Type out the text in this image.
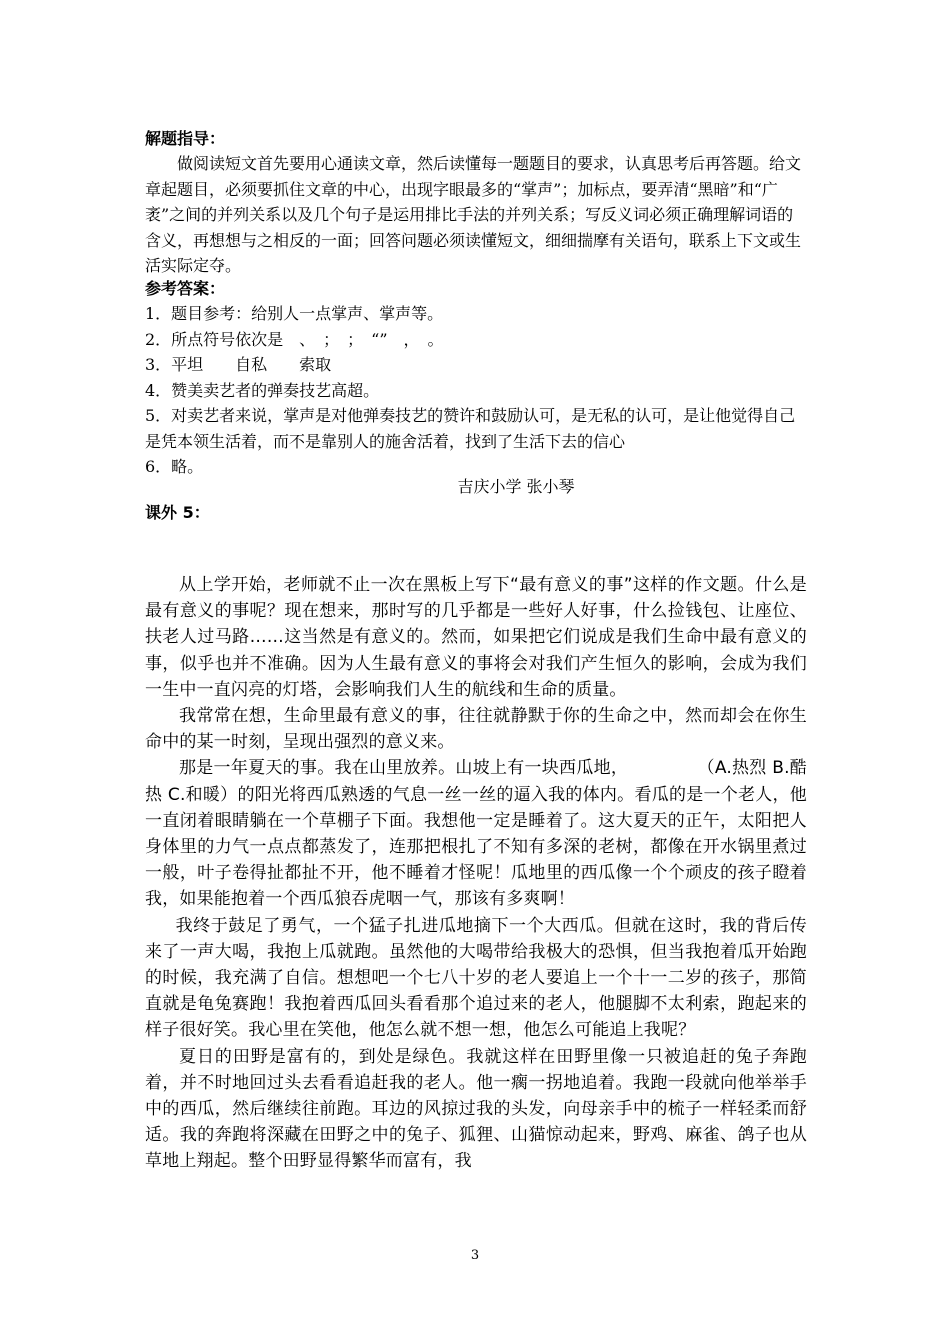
解题指导：

做阅读短文首先要用心通读文章，然后读懂每一题题目的要求，认真思考后再答题。给文章起题目，必须要抓住文章的中心，出现字眼最多的“掌声”；加标点，要弄清“黑暗”和“广袤”之间的并列关系以及几个句子是运用排比手法的并列关系；写反义词必须正确理解词语的含义，再想想与之相反的一面；回答问题必须读懂短文，细细揣摩有关语句，联系上下文或生活实际定夺。

参考答案：

1．题目参考：给别人一点掌声、掌声等。
2．所点符号依次是　、　；　；　“”　，　。
3．平坦　　自私　　索取
4．赞美卖艺者的弹奏技艺高超。
5．对卖艺者来说，掌声是对他弹奏技艺的赞许和鼓励认可，是无私的认可，是让他觉得自己是凭本领生活着，而不是靠别人的施舍活着，找到了生活下去的信心
6．略。
吉庆小学 张小琴

课外 5：

从上学开始，老师就不止一次在黑板上写下“最有意义的事”这样的作文题。什么是最有意义的事呢？现在想来，那时写的几乎都是一些好人好事，什么捡钱包、让座位、扶老人过马路……这当然是有意义的。然而，如果把它们说成是我们生命中最有意义的事，似乎也并不准确。因为人生最有意义的事将会对我们产生恒久的影响，会成为我们一生中一直闪亮的灯塔，会影响我们人生的航线和生命的质量。

我常常在想，生命里最有意义的事，往往就静默于你的生命之中，然而却会在你生命中的某一时刻，呈现出强烈的意义来。

那是一年夏天的事。我在山里放养。山坡上有一块西瓜地，　　　　　（A.热烈 B.酷热 C.和暖）的阳光将西瓜熟透的气息一丝一丝的逼入我的体内。看瓜的是一个老人，他一直闭着眼睛躺在一个草棚子下面。我想他一定是睡着了。这大夏天的正午，太阳把人身体里的力气一点点都蒸发了，连那把根扎了不知有多深的老树，都像在开水锅里煮过一般，叶子卷得扯都扯不开，他不睡着才怪呢！瓜地里的西瓜像一个个顽皮的孩子瞪着我，如果能抱着一个西瓜狼吞虎咽一气，那该有多爽啊！

我终于鼓足了勇气，一个猛子扎进瓜地摘下一个大西瓜。但就在这时，我的背后传来了一声大喝，我抱上瓜就跑。虽然他的大喝带给我极大的恐惧，但当我抱着瓜开始跑的时候，我充满了自信。想想吧一个七八十岁的老人要追上一个十一二岁的孩子，那简直就是龟兔赛跑！我抱着西瓜回头看看那个追过来的老人，他腿脚不太利索，跑起来的样子很好笑。我心里在笑他，他怎么就不想一想，他怎么可能追上我呢？

夏日的田野是富有的，到处是绿色。我就这样在田野里像一只被追赶的兔子奔跑着，并不时地回过头去看看追赶我的老人。他一瘸一拐地追着。我跑一段就向他举举手中的西瓜，然后继续往前跑。耳边的风掠过我的头发，向母亲手中的梳子一样轻柔而舒适。我的奔跑将深藏在田野之中的兔子、狐狸、山猫惊动起来，野鸡、麻雀、鸽子也从草地上翔起。整个田野显得繁华而富有，我

3
